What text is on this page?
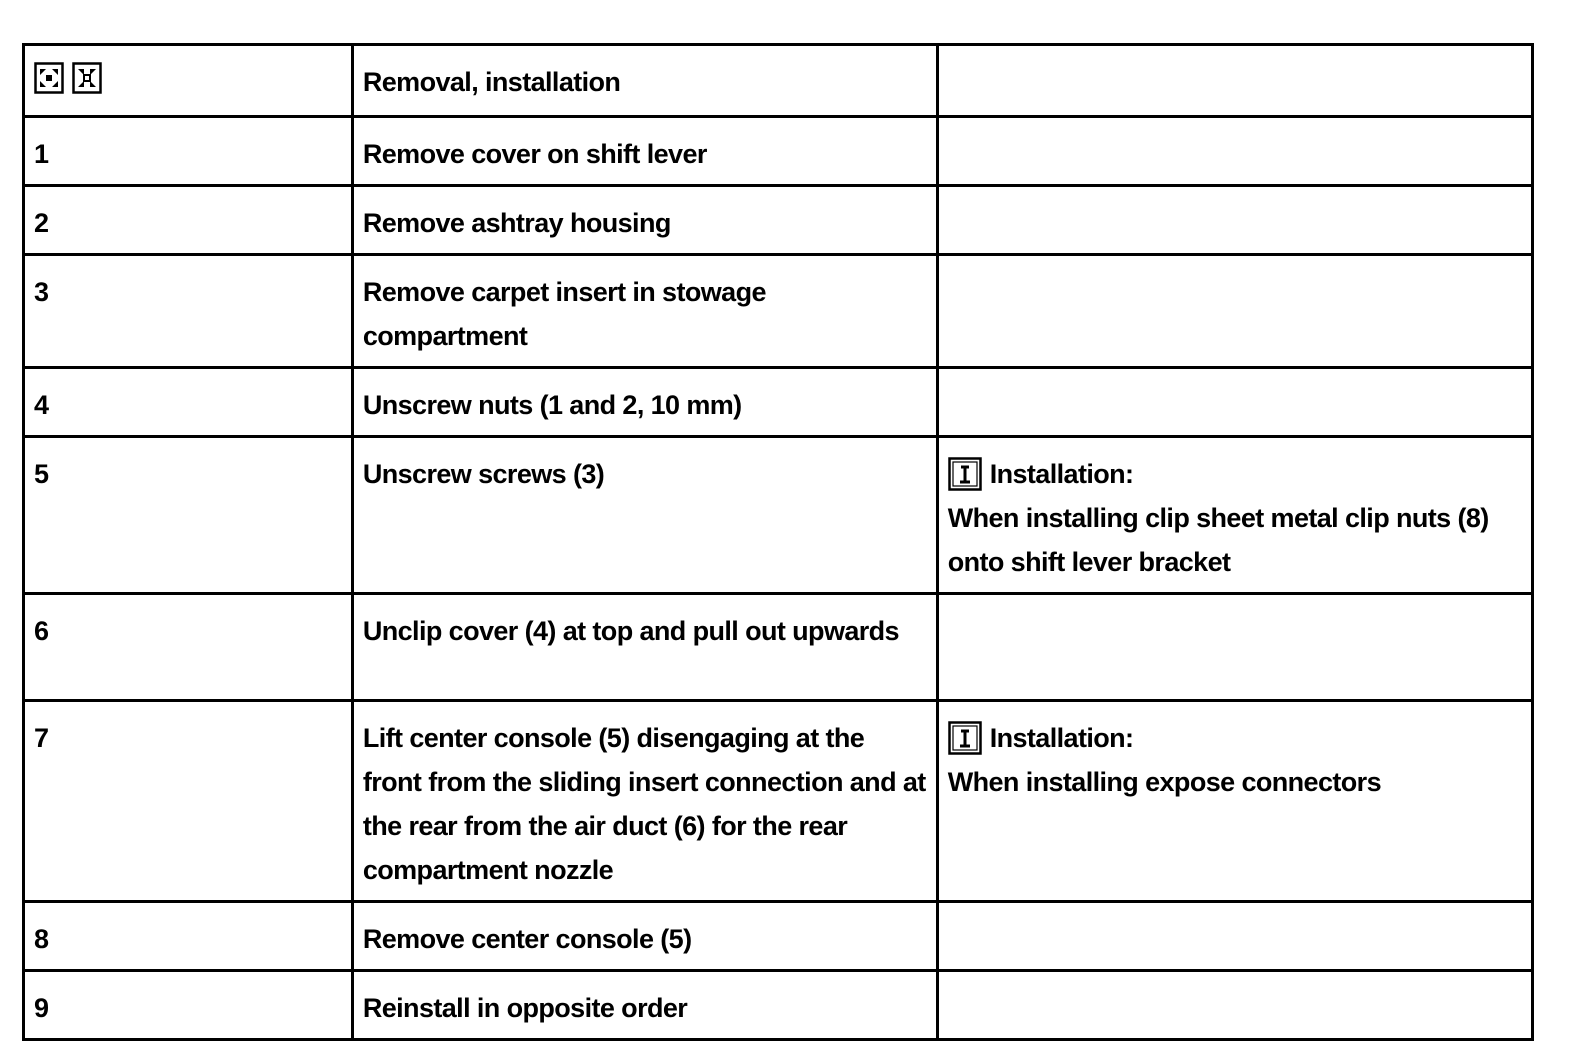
	Removal, installation	
1	Remove cover on shift lever	
2	Remove ashtray housing	
3	Remove carpet insert in stowage compartment	
4	Unscrew nuts (1 and 2, 10 mm)	
5	Unscrew screws (3)	Installation:
When installing clip sheet metal clip nuts (8) onto shift lever bracket

6	Unclip cover (4) at top and pull out upwards	
7	Lift center console (5) disengaging at the front from the sliding insert connection and at the rear from the air duct (6) for the rear compartment nozzle	Installation:
When installing expose connectors

8	Remove center console (5)	
9	Reinstall in opposite order	
